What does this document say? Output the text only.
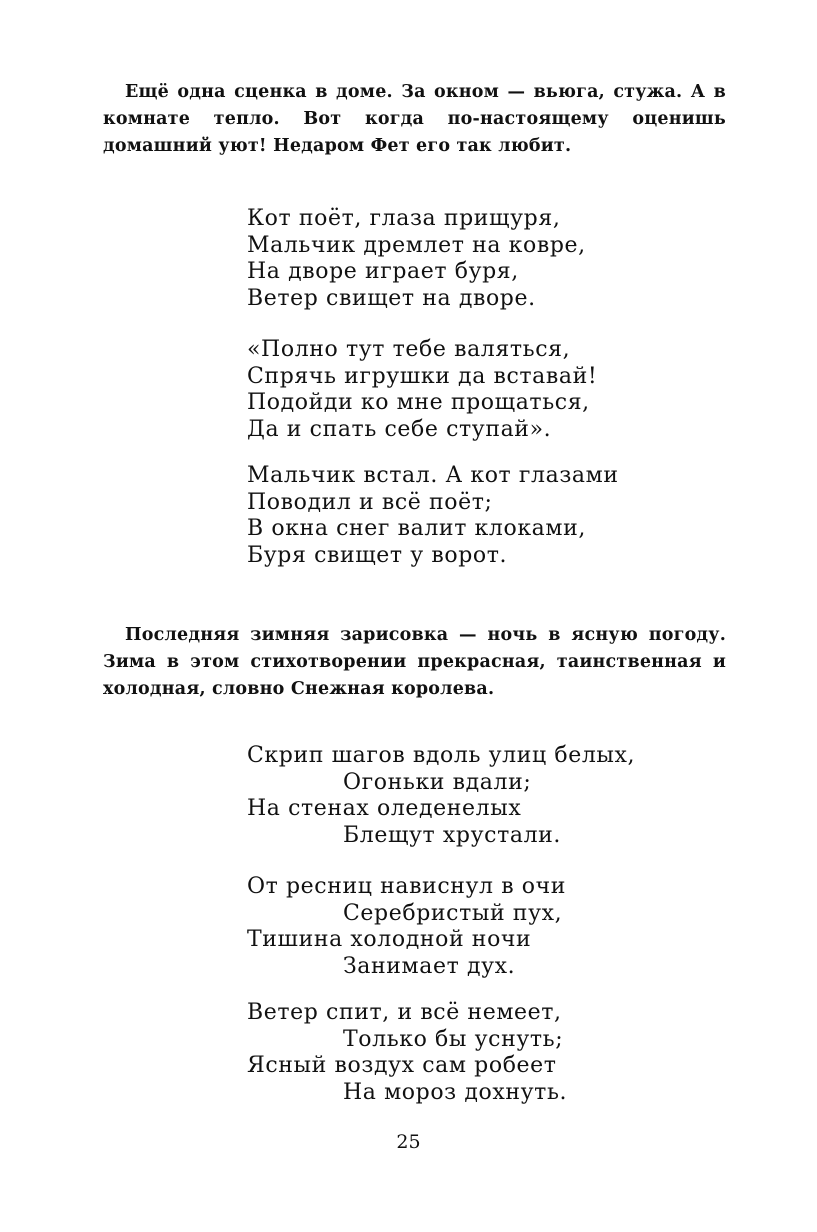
Ещё одна сценка в доме. За окном — вьюга, стужа. А в комнате тепло. Вот когда по-настоящему оценишь домашний уют! Недаром Фет его так любит.
Кот поёт, глаза прищуря,
Мальчик дремлет на ковре,
На дворе играет буря,
Ветер свищет на дворе.
«Полно тут тебе валяться,
Спрячь игрушки да вставай!
Подойди ко мне прощаться,
Да и спать себе ступай».
Мальчик встал. А кот глазами
Поводил и всё поёт;
В окна снег валит клоками,
Буря свищет у ворот.
Последняя зимняя зарисовка — ночь в ясную погоду. Зима в этом стихотворении прекрасная, таинственная и холодная, словно Снежная королева.
Скрип шагов вдоль улиц белых,
Огоньки вдали;
На стенах оледенелых
Блещут хрустали.
От ресниц нависнул в очи
Серебристый пух,
Тишина холодной ночи
Занимает дух.
Ветер спит, и всё немеет,
Только бы уснуть;
Ясный воздух сам робеет
На мороз дохнуть.
25
